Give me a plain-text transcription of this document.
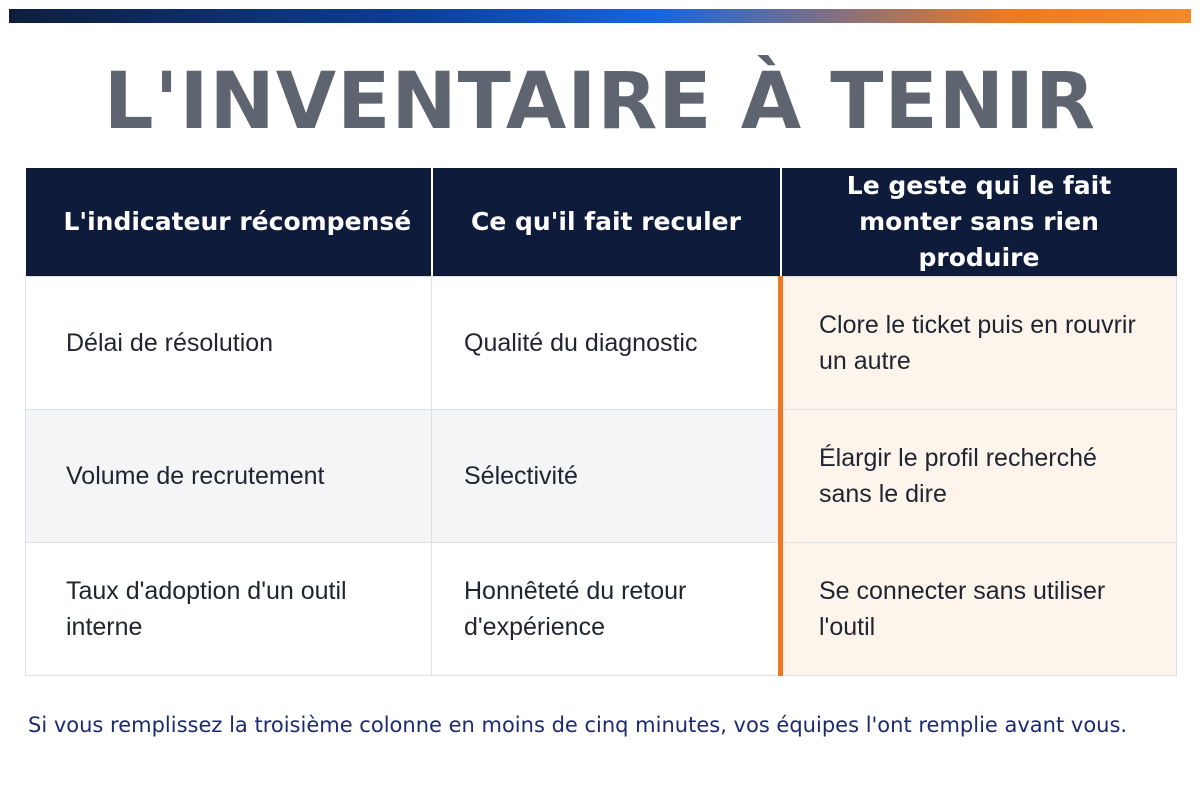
L'INVENTAIRE À TENIR
L'indicateur récompensé	Ce qu'il fait reculer	Le geste qui le fait monter sans rien produire
Délai de résolution	Qualité du diagnostic	Clore le ticket puis en rouvrir un autre
Volume de recrutement	Sélectivité	Élargir le profil recherché sans le dire
Taux d'adoption d'un outil interne	Honnêteté du retour d'expérience	Se connecter sans utiliser l'outil

Si vous remplissez la troisième colonne en moins de cinq minutes, vos équipes l'ont remplie avant vous.
